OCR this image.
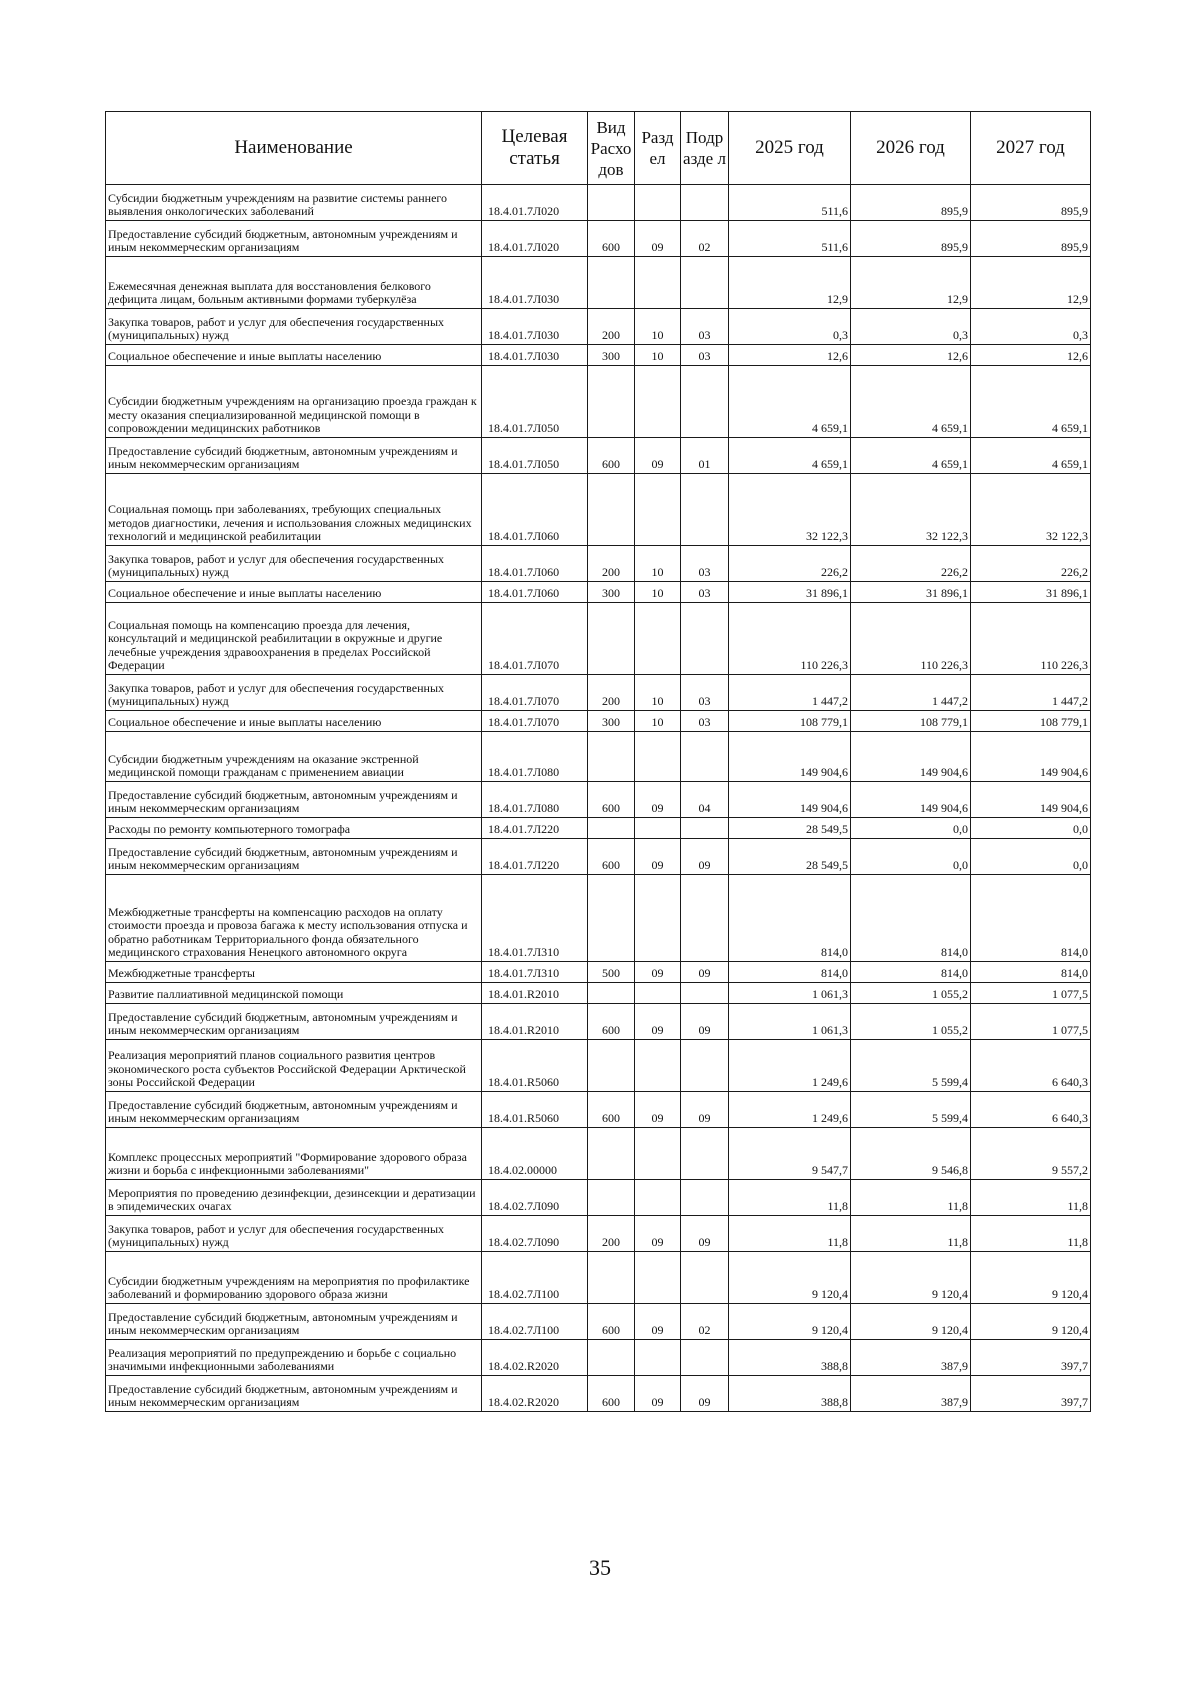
Наименование	Целевая статья	Вид Расхо дов	Разд ел	Подр азде л	2025 год	2026 год	2027 год
Субсидии бюджетным учреждениям на развитие системы раннего выявления онкологических заболеваний	18.4.01.7Л020				511,6	895,9	895,9
Предоставление субсидий бюджетным, автономным учреждениям и иным некоммерческим организациям	18.4.01.7Л020	600	09	02	511,6	895,9	895,9
Ежемесячная денежная выплата для восстановления белкового дефицита лицам, больным активными формами туберкулёза	18.4.01.7Л030				12,9	12,9	12,9
Закупка товаров, работ и услуг для обеспечения государственных (муниципальных) нужд	18.4.01.7Л030	200	10	03	0,3	0,3	0,3
Социальное обеспечение и иные выплаты населению	18.4.01.7Л030	300	10	03	12,6	12,6	12,6
Субсидии бюджетным учреждениям на организацию проезда граждан к месту оказания специализированной медицинской помощи в сопровождении медицинских работников	18.4.01.7Л050				4 659,1	4 659,1	4 659,1
Предоставление субсидий бюджетным, автономным учреждениям и иным некоммерческим организациям	18.4.01.7Л050	600	09	01	4 659,1	4 659,1	4 659,1
Социальная помощь при заболеваниях, требующих специальных методов диагностики, лечения и использования сложных медицинских технологий и медицинской реабилитации	18.4.01.7Л060				32 122,3	32 122,3	32 122,3
Закупка товаров, работ и услуг для обеспечения государственных (муниципальных) нужд	18.4.01.7Л060	200	10	03	226,2	226,2	226,2
Социальное обеспечение и иные выплаты населению	18.4.01.7Л060	300	10	03	31 896,1	31 896,1	31 896,1
Социальная помощь на компенсацию проезда для лечения, консультаций и медицинской реабилитации в окружные и другие лечебные учреждения здравоохранения в пределах Российской Федерации	18.4.01.7Л070				110 226,3	110 226,3	110 226,3
Закупка товаров, работ и услуг для обеспечения государственных (муниципальных) нужд	18.4.01.7Л070	200	10	03	1 447,2	1 447,2	1 447,2
Социальное обеспечение и иные выплаты населению	18.4.01.7Л070	300	10	03	108 779,1	108 779,1	108 779,1
Субсидии бюджетным учреждениям на оказание экстренной медицинской помощи гражданам с применением авиации	18.4.01.7Л080				149 904,6	149 904,6	149 904,6
Предоставление субсидий бюджетным, автономным учреждениям и иным некоммерческим организациям	18.4.01.7Л080	600	09	04	149 904,6	149 904,6	149 904,6
Расходы по ремонту компьютерного томографа	18.4.01.7Л220				28 549,5	0,0	0,0
Предоставление субсидий бюджетным, автономным учреждениям и иным некоммерческим организациям	18.4.01.7Л220	600	09	09	28 549,5	0,0	0,0
Межбюджетные трансферты на компенсацию расходов на оплату стоимости проезда и провоза багажа к месту использования отпуска и обратно работникам Территориального фонда обязательного медицинского страхования Ненецкого автономного округа	18.4.01.7Л310				814,0	814,0	814,0
Межбюджетные трансферты	18.4.01.7Л310	500	09	09	814,0	814,0	814,0
Развитие паллиативной медицинской помощи	18.4.01.R2010				1 061,3	1 055,2	1 077,5
Предоставление субсидий бюджетным, автономным учреждениям и иным некоммерческим организациям	18.4.01.R2010	600	09	09	1 061,3	1 055,2	1 077,5
Реализация мероприятий планов социального развития центров экономического роста субъектов Российской Федерации Арктической зоны Российской Федерации	18.4.01.R5060				1 249,6	5 599,4	6 640,3
Предоставление субсидий бюджетным, автономным учреждениям и иным некоммерческим организациям	18.4.01.R5060	600	09	09	1 249,6	5 599,4	6 640,3
Комплекс процессных мероприятий "Формирование здорового образа жизни и борьба с инфекционными заболеваниями"	18.4.02.00000				9 547,7	9 546,8	9 557,2
Мероприятия по проведению дезинфекции, дезинсекции и дератизации в эпидемических очагах	18.4.02.7Л090				11,8	11,8	11,8
Закупка товаров, работ и услуг для обеспечения государственных (муниципальных) нужд	18.4.02.7Л090	200	09	09	11,8	11,8	11,8
Субсидии бюджетным учреждениям на мероприятия по профилактике заболеваний и формированию здорового образа жизни	18.4.02.7Л100				9 120,4	9 120,4	9 120,4
Предоставление субсидий бюджетным, автономным учреждениям и иным некоммерческим организациям	18.4.02.7Л100	600	09	02	9 120,4	9 120,4	9 120,4
Реализация мероприятий по предупреждению и борьбе с социально значимыми инфекционными заболеваниями	18.4.02.R2020				388,8	387,9	397,7
Предоставление субсидий бюджетным, автономным учреждениям и иным некоммерческим организациям	18.4.02.R2020	600	09	09	388,8	387,9	397,7
35
